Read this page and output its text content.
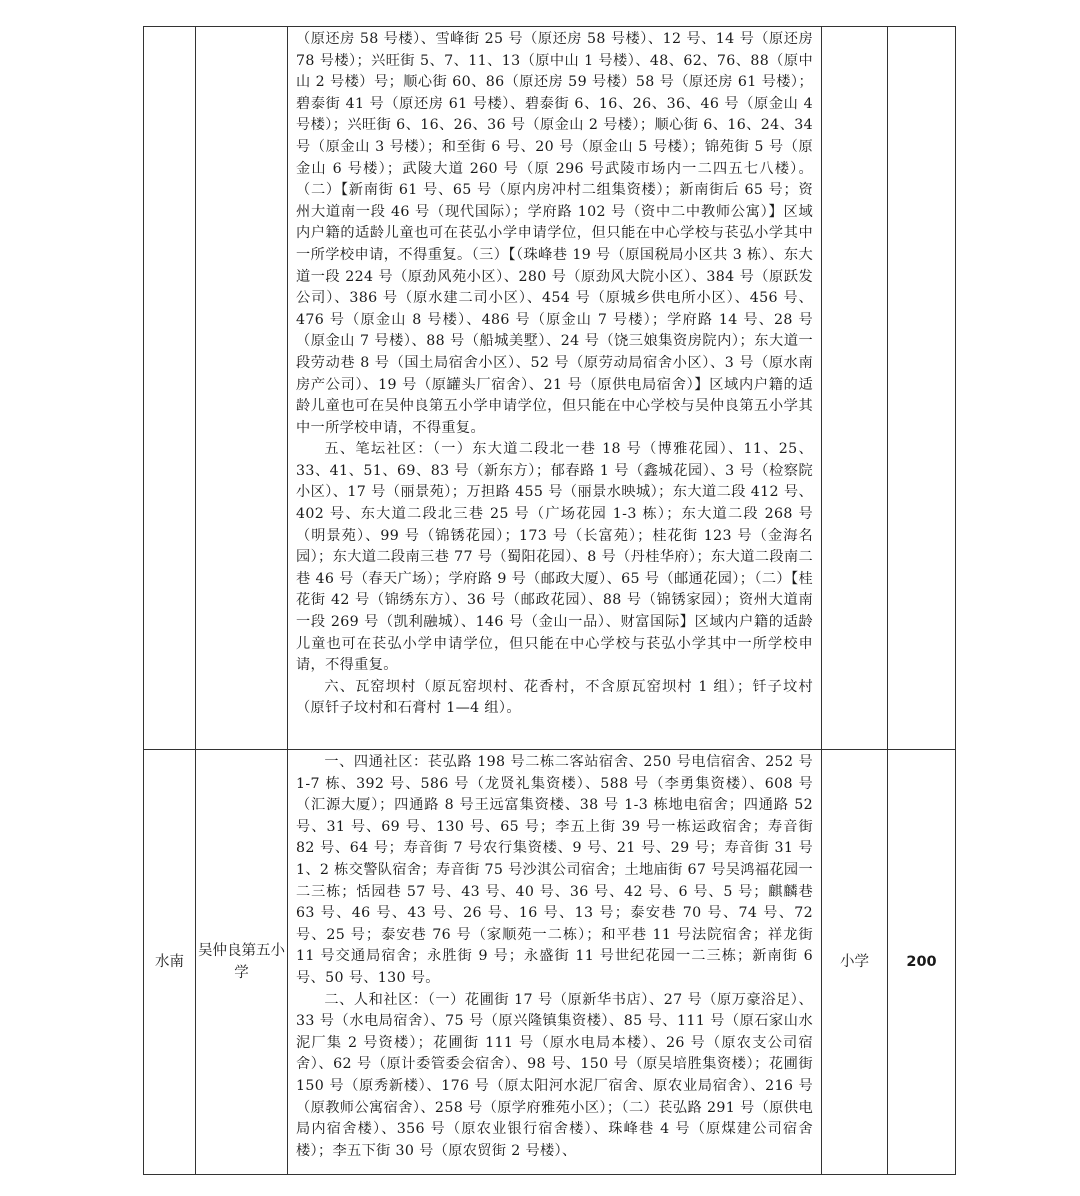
		（原还房 58 号楼）、雪峰街 25 号（原还房 58 号楼）、12 号、14 号（原还房 78 号楼）；兴旺街 5、7、11、13（原中山 1 号楼）、48、62、76、88（原中山 2 号楼）号；顺心街 60、86（原还房 59 号楼）58 号（原还房 61 号楼）；碧泰街 41 号（原还房 61 号楼）、碧泰街 6、16、26、36、46 号（原金山 4 号楼）；兴旺街 6、16、26、36 号（原金山 2 号楼）；顺心街 6、16、24、34 号（原金山 3 号楼）；和至街 6 号、20 号（原金山 5 号楼）；锦苑街 5 号（原金山 6 号楼）；武陵大道 260 号（原 296 号武陵市场内一二四五七八楼）。（二）【新南街 61 号、65 号（原内房冲村二组集资楼）；新南街后 65 号；资州大道南一段 46 号（现代国际）；学府路 102 号（资中二中教师公寓）】区域内户籍的适龄儿童也可在苌弘小学申请学位，但只能在中心学校与苌弘小学其中一所学校申请，不得重复。（三）【（珠峰巷 19 号（原国税局小区共 3 栋）、东大道一段 224 号（原劲风苑小区）、280 号（原劲风大院小区）、384 号（原跃发公司）、386 号（原水建二司小区）、454 号（原城乡供电所小区）、456 号、476 号（原金山 8 号楼）、486 号（原金山 7 号楼）；学府路 14 号、28 号（原金山 7 号楼）、88 号（船城美墅）、24 号（饶三娘集资房院内）；东大道一段劳动巷 8 号（国土局宿舍小区）、52 号（原劳动局宿舍小区）、3 号（原水南房产公司）、19 号（原罐头厂宿舍）、21 号（原供电局宿舍）】区域内户籍的适龄儿童也可在吴仲良第五小学申请学位，但只能在中心学校与吴仲良第五小学其中一所学校申请，不得重复。

五、笔坛社区：（一）东大道二段北一巷 18 号（博雅花园）、11、25、33、41、51、69、83 号（新东方）；郁春路 1 号（鑫城花园）、3 号（检察院小区）、17 号（丽景苑）；万担路 455 号（丽景水映城）；东大道二段 412 号、402 号、东大道二段北三巷 25 号（广场花园 1-3 栋）；东大道二段 268 号（明景苑）、99 号（锦锈花园）；173 号（长富苑）；桂花街 123 号（金海名园）；东大道二段南三巷 77 号（蜀阳花园）、8 号（丹桂华府）；东大道二段南二巷 46 号（春天广场）；学府路 9 号（邮政大厦）、65 号（邮通花园）；（二）【桂花街 42 号（锦绣东方）、36 号（邮政花园）、88 号（锦锈家园）；资州大道南一段 269 号（凯利融城）、146 号（金山一品）、财富国际】区域内户籍的适龄儿童也可在苌弘小学申请学位，但只能在中心学校与苌弘小学其中一所学校申请，不得重复。

六、瓦窑坝村（原瓦窑坝村、花香村，不含原瓦窑坝村 1 组）；钎子坟村（原钎子坟村和石膏村 1—4 组）。		

水南	吴仲良第五小学	一、四通社区：苌弘路 198 号二栋二客站宿舍、250 号电信宿舍、252 号 1-7 栋、392 号、586 号（龙贤礼集资楼）、588 号（李勇集资楼）、608 号（汇源大厦）；四通路 8 号王远富集资楼、38 号 1-3 栋地电宿舍；四通路 52 号、31 号、69 号、130 号、65 号；李五上街 39 号一栋运政宿舍；寿音街 82 号、64 号；寿音街 7 号农行集资楼、9 号、21 号、29 号；寿音街 31 号 1、2 栋交警队宿舍；寿音街 75 号沙淇公司宿舍；土地庙街 67 号吴鸿福花园一二三栋；恬园巷 57 号、43 号、40 号、36 号、42 号、6 号、5 号；麒麟巷 63 号、46 号、43 号、26 号、16 号、13 号；泰安巷 70 号、74 号、72 号、25 号；泰安巷 76 号（家顺苑一二栋）；和平巷 11 号法院宿舍；祥龙街 11 号交通局宿舍；永胜街 9 号；永盛街 11 号世纪花园一二三栋；新南街 6 号、50 号、130 号。

二、人和社区：（一）花圃街 17 号（原新华书店）、27 号（原万豪浴足）、33 号（水电局宿舍）、75 号（原兴隆镇集资楼）、85 号、111 号（原石家山水泥厂集 2 号资楼）；花圃街 111 号（原水电局本楼）、26 号（原农支公司宿舍）、62 号（原计委管委会宿舍）、98 号、150 号（原吴培胜集资楼）；花圃街 150 号（原秀新楼）、176 号（原太阳河水泥厂宿舍、原农业局宿舍）、216 号（原教师公寓宿舍）、258 号（原学府雅苑小区）；（二）苌弘路 291 号（原供电局内宿舍楼）、356 号（原农业银行宿舍楼）、珠峰巷 4 号（原煤建公司宿舍楼）；李五下街 30 号（原农贸街 2 号楼）、	小学	200
